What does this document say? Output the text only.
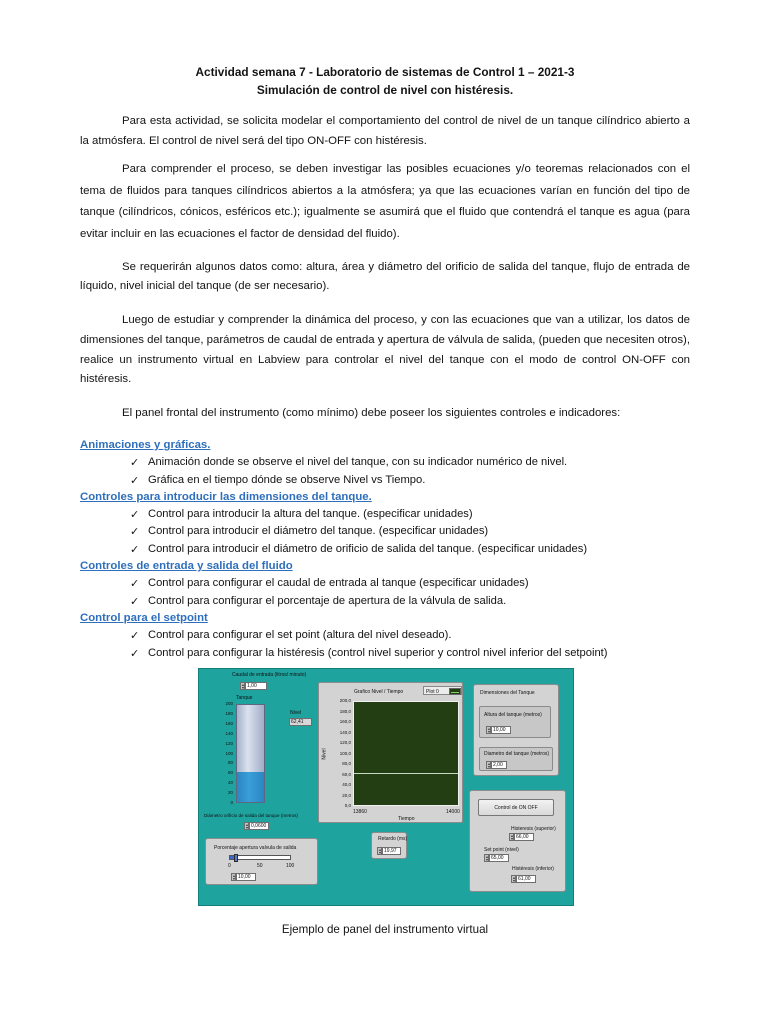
Actividad semana 7 - Laboratorio de sistemas de Control 1 – 2021-3
Simulación de control de nivel con histéresis.
Para esta actividad, se solicita modelar el comportamiento del control de nivel de un tanque cilíndrico abierto a la atmósfera. El control de nivel será del tipo ON-OFF con histéresis.
Para comprender el proceso, se deben investigar las posibles ecuaciones y/o teoremas relacionados con el tema de fluidos para tanques cilíndricos abiertos a la atmósfera; ya que las ecuaciones varían en función del tipo de tanque (cilíndricos, cónicos, esféricos etc.); igualmente se asumirá que el fluido que contendrá el tanque es agua (para evitar incluir en las ecuaciones el factor de densidad del fluido).
Se requerirán algunos datos como: altura, área y diámetro del orificio de salida del tanque, flujo de entrada de líquido, nivel inicial del tanque (de ser necesario).
Luego de estudiar y comprender la dinámica del proceso, y con las ecuaciones que van a utilizar, los datos de dimensiones del tanque, parámetros de caudal de entrada y apertura de válvula de salida, (pueden que necesiten otros), realice un instrumento virtual en Labview para controlar el nivel del tanque con el modo de control ON-OFF con histéresis.
El panel frontal del instrumento (como mínimo) debe poseer los siguientes controles e indicadores:
Animaciones y gráficas.
✓ Animación donde se observe el nivel del tanque, con su indicador numérico de nivel.
✓ Gráfica en el tiempo dónde se observe Nivel vs Tiempo.
Controles para introducir las dimensiones del tanque.
✓ Control para introducir la altura del tanque. (especificar unidades)
✓ Control para introducir el diámetro del tanque. (especificar unidades)
✓ Control para introducir el diámetro de orificio de salida del tanque. (especificar unidades)
Controles de entrada y salida del fluido
✓ Control para configurar el caudal de entrada al tanque (especificar unidades)
✓ Control para configurar el porcentaje de apertura de la válvula de salida.
Control para el setpoint
✓ Control para configurar el set point (altura del nivel deseado).
✓ Control para configurar la histéresis (control nivel superior y control nivel inferior del setpoint)
Caudal de entrada (litros/ minuto)
1,00
Tanque
200
180
160
140
120
100
80
60
40
20
0
Nivel
62,41
Diámetro orificio de salida del tanque (metros)
0,0600
Porcentaje apertura valvula de salida
0	50	100
10,00
Grafico Nivel / Tiempo	Plot 0
200,0
180,0
160,0
140,0
120,0
100,0
80,0
60,0
40,0
20,0
0,0
Nivel
13860	14000
Tiempo
Retardo (ms)
19,97
Dimensiones del Tanque
Altura del tanque (metros)
10,00
Diametro del tanque (metros)
2,00
Control de ON OFF
Histeresis (superior)
66,00
Set point (nivel)
65,00
Histéresis (inferior)
61,00
Ejemplo de panel del instrumento virtual
